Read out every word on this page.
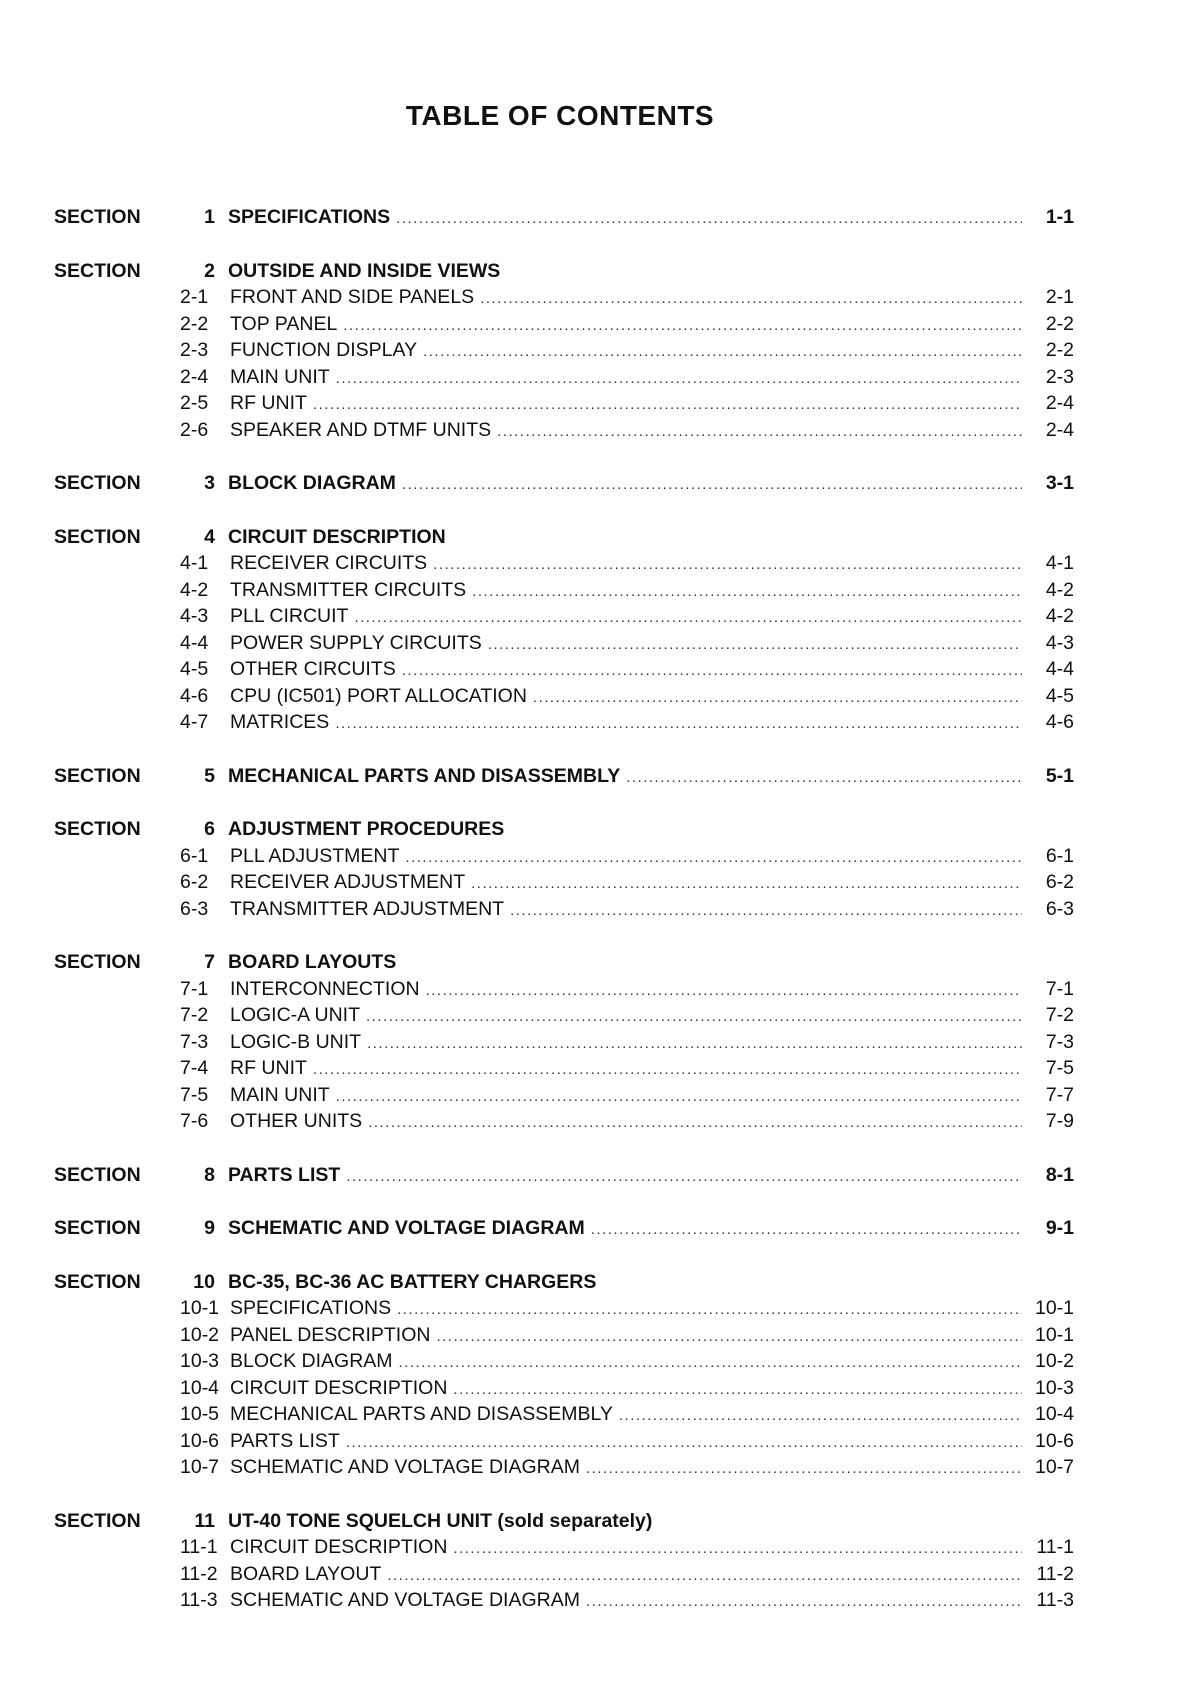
TABLE OF CONTENTS
SECTION	1 SPECIFICATIONS .....	1-1
SECTION	2 OUTSIDE AND INSIDE VIEWS
2-1	FRONT AND SIDE PANELS .....	2-1
2-2	TOP PANEL .....	2-2
2-3	FUNCTION DISPLAY .....	2-2
2-4	MAIN UNIT .....	2-3
2-5	RF UNIT .....	2-4
2-6	SPEAKER AND DTMF UNITS .....	2-4
SECTION	3 BLOCK DIAGRAM .....	3-1
SECTION	4 CIRCUIT DESCRIPTION
4-1	RECEIVER CIRCUITS .....	4-1
4-2	TRANSMITTER CIRCUITS .....	4-2
4-3	PLL CIRCUIT .....	4-2
4-4	POWER SUPPLY CIRCUITS .....	4-3
4-5	OTHER CIRCUITS .....	4-4
4-6	CPU (IC501) PORT ALLOCATION .....	4-5
4-7	MATRICES .....	4-6
SECTION	5 MECHANICAL PARTS AND DISASSEMBLY .....	5-1
SECTION	6 ADJUSTMENT PROCEDURES
6-1	PLL ADJUSTMENT .....	6-1
6-2	RECEIVER ADJUSTMENT .....	6-2
6-3	TRANSMITTER ADJUSTMENT .....	6-3
SECTION	7 BOARD LAYOUTS
7-1	INTERCONNECTION .....	7-1
7-2	LOGIC-A UNIT .....	7-2
7-3	LOGIC-B UNIT .....	7-3
7-4	RF UNIT .....	7-5
7-5	MAIN UNIT .....	7-7
7-6	OTHER UNITS .....	7-9
SECTION	8 PARTS LIST .....	8-1
SECTION	9 SCHEMATIC AND VOLTAGE DIAGRAM .....	9-1
SECTION	10 BC-35, BC-36 AC BATTERY CHARGERS
10-1 SPECIFICATIONS .....	10-1
10-2 PANEL DESCRIPTION .....	10-1
10-3 BLOCK DIAGRAM .....	10-2
10-4 CIRCUIT DESCRIPTION .....	10-3
10-5 MECHANICAL PARTS AND DISASSEMBLY .....	10-4
10-6 PARTS LIST .....	10-6
10-7 SCHEMATIC AND VOLTAGE DIAGRAM .....	10-7
SECTION	11 UT-40 TONE SQUELCH UNIT (sold separately)
11-1 CIRCUIT DESCRIPTION .....	11-1
11-2 BOARD LAYOUT .....	11-2
11-3 SCHEMATIC AND VOLTAGE DIAGRAM .....	11-3
